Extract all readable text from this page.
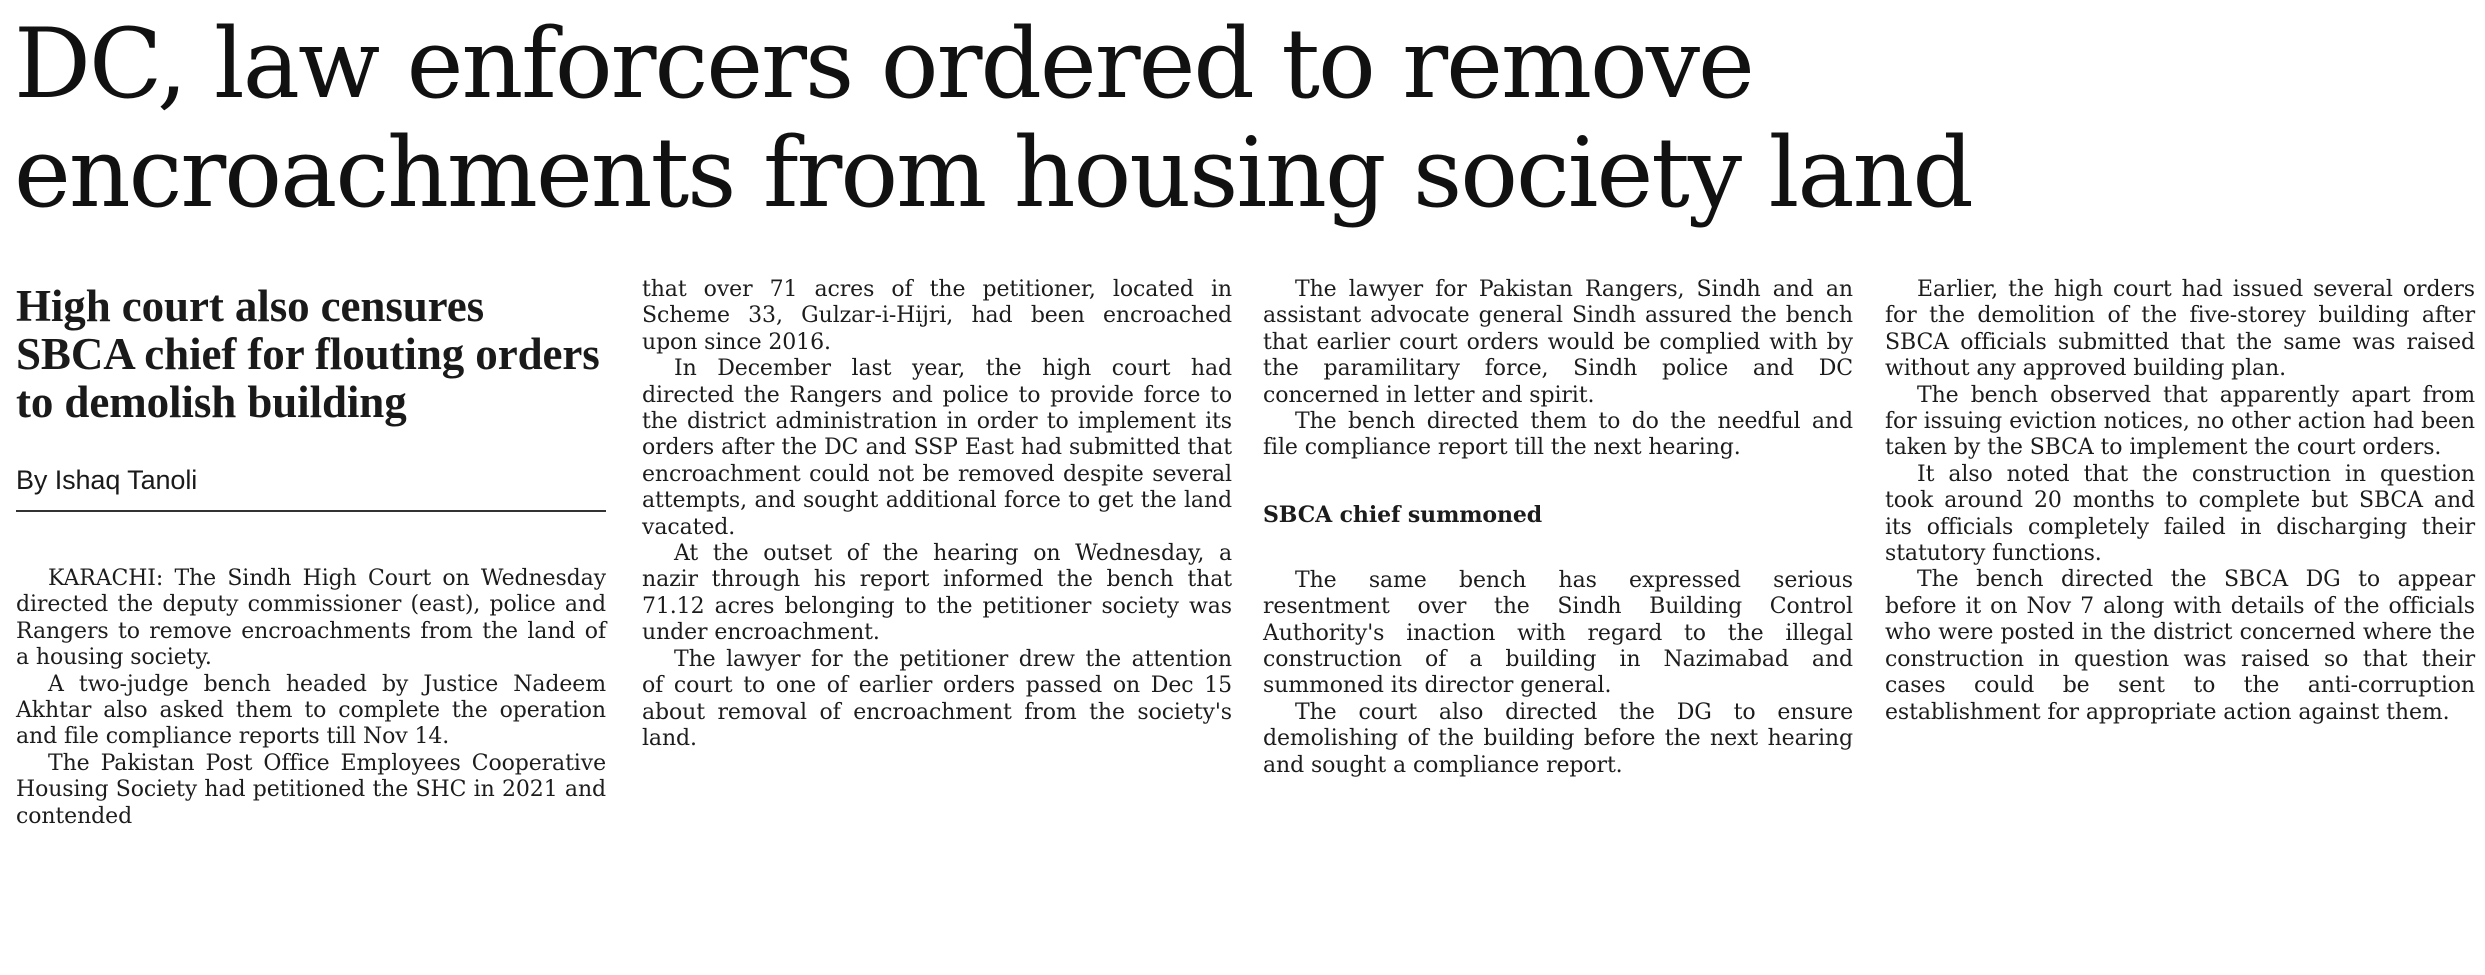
DC, law enforcers ordered to remove encroachments from housing society land
High court also censures SBCA chief for flouting orders to demolish building
By Ishaq Tanoli

KARACHI: The Sindh High Court on Wednesday directed the deputy commissioner (east), police and Rangers to remove encroachments from the land of a housing society.

A two-judge bench headed by Justice Nadeem Akhtar also asked them to complete the operation and file compliance reports till Nov 14.

The Pakistan Post Office Employees Cooperative Housing Society had petitioned the SHC in 2021 and contended

that over 71 acres of the petitioner, located in Scheme 33, Gulzar-i-Hijri, had been encroached upon since 2016.

In December last year, the high court had directed the Rangers and police to provide force to the district administration in order to implement its orders after the DC and SSP East had submitted that encroachment could not be removed despite several attempts, and sought additional force to get the land vacated.

At the outset of the hearing on Wednesday, a nazir through his report informed the bench that 71.12 acres belonging to the petitioner society was under encroachment.

The lawyer for the petitioner drew the attention of court to one of earlier orders passed on Dec 15 about removal of encroachment from the society's land.

The lawyer for Pakistan Rangers, Sindh and an assistant advocate general Sindh assured the bench that earlier court orders would be complied with by the paramilitary force, Sindh police and DC concerned in letter and spirit.

The bench directed them to do the needful and file compliance report till the next hearing.

SBCA chief summoned

The same bench has expressed serious resentment over the Sindh Building Control Authority's inaction with regard to the illegal construction of a building in Nazimabad and summoned its director general.

The court also directed the DG to ensure demolishing of the building before the next hearing and sought a compliance report.

Earlier, the high court had issued several orders for the demolition of the five-storey building after SBCA officials submitted that the same was raised without any approved building plan.

The bench observed that apparently apart from for issuing eviction notices, no other action had been taken by the SBCA to implement the court orders.

It also noted that the construction in question took around 20 months to complete but SBCA and its officials completely failed in discharging their statutory functions.

The bench directed the SBCA DG to appear before it on Nov 7 along with details of the officials who were posted in the district concerned where the construction in question was raised so that their cases could be sent to the anti-corruption establishment for appropriate action against them.
